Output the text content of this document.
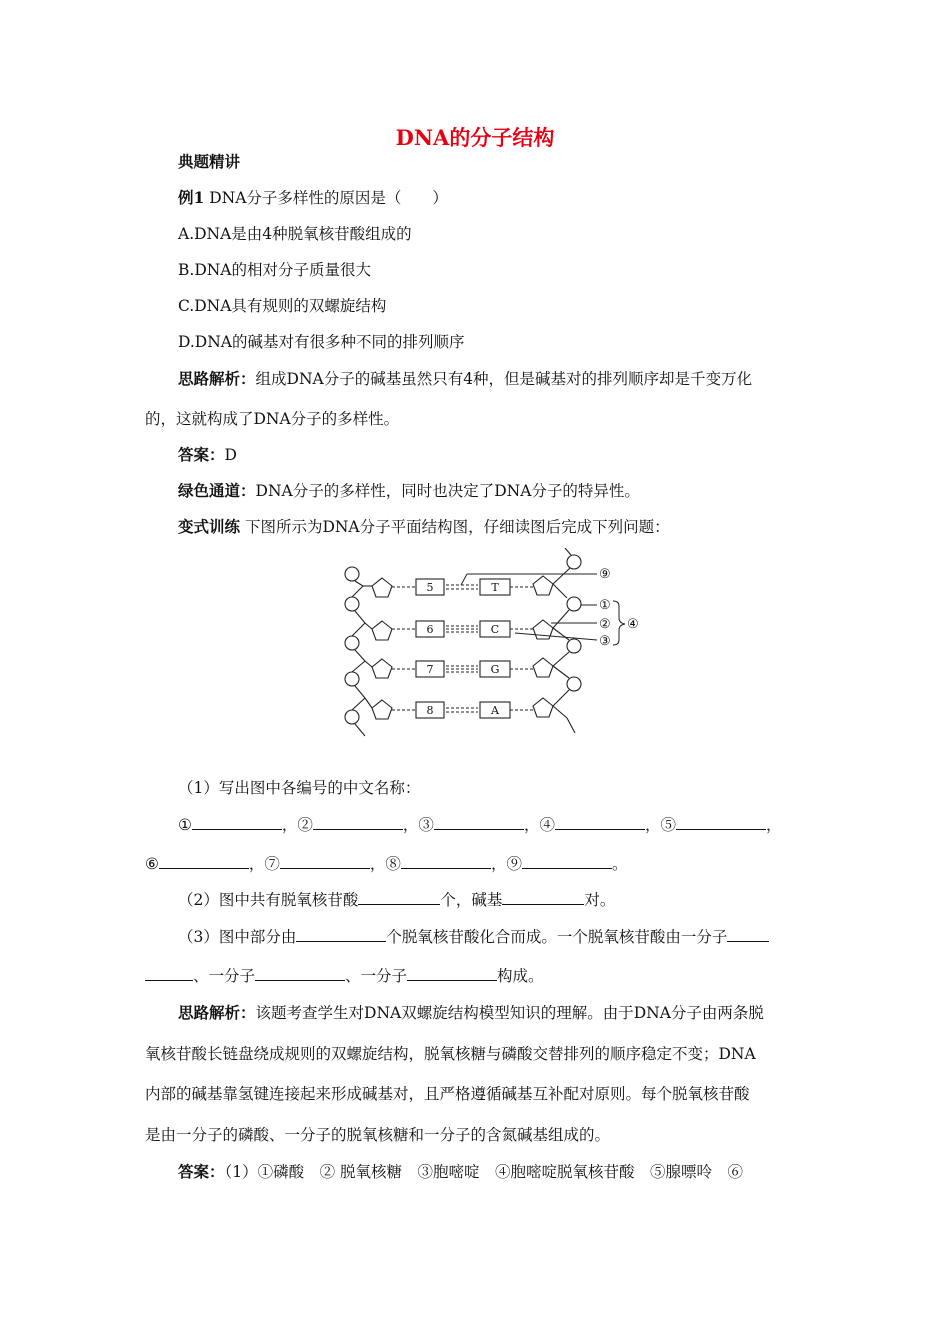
DNA的分子结构
典题精讲
例1 DNA分子多样性的原因是（　　）
A.DNA是由4种脱氧核苷酸组成的
B.DNA的相对分子质量很大
C.DNA具有规则的双螺旋结构
D.DNA的碱基对有很多种不同的排列顺序
思路解析：组成DNA分子的碱基虽然只有4种，但是碱基对的排列顺序却是千变万化
的，这就构成了DNA分子的多样性。
答案：D
绿色通道：DNA分子的多样性，同时也决定了DNA分子的特异性。
变式训练 下图所示为DNA分子平面结构图，仔细读图后完成下列问题：
5
6
7
8
T
C
G
A
⑨
①
②
③
④
（1）写出图中各编号的中文名称：
①	，②	，③	，④	，⑤	，
⑥	，⑦	，⑧	，⑨	。
（2）图中共有脱氧核苷酸	个，碱基	对。
（3）图中部分由	个脱氧核苷酸化合而成。一个脱氧核苷酸由一分子
、一分子	、一分子	构成。
思路解析：该题考查学生对DNA双螺旋结构模型知识的理解。由于DNA分子由两条脱
氧核苷酸长链盘绕成规则的双螺旋结构，脱氧核糖与磷酸交替排列的顺序稳定不变；DNA
内部的碱基靠氢键连接起来形成碱基对，且严格遵循碱基互补配对原则。每个脱氧核苷酸
是由一分子的磷酸、一分子的脱氧核糖和一分子的含氮碱基组成的。
答案：（1）①磷酸　② 脱氧核糖　③胞嘧啶　④胞嘧啶脱氧核苷酸　⑤腺嘌呤　⑥
